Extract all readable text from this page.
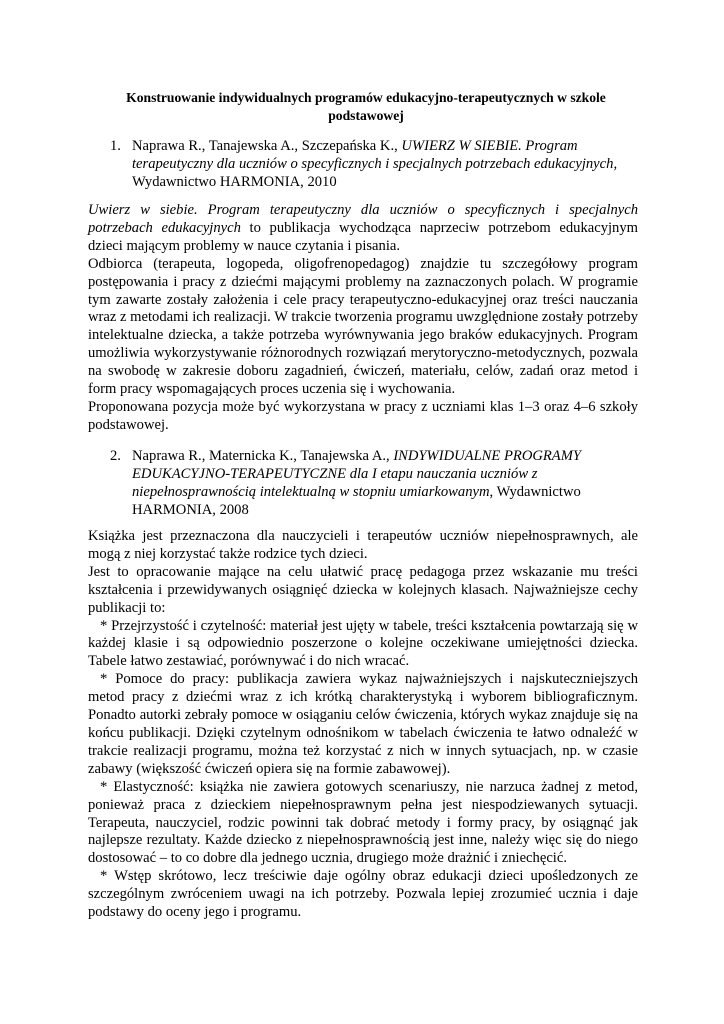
Konstruowanie indywidualnych programów edukacyjno-terapeutycznych w szkole
podstawowej
1. Naprawa R., Tanajewska A., Szczepańska K., UWIERZ W SIEBIE. Program terapeutyczny dla uczniów o specyficznych i specjalnych potrzebach edukacyjnych, Wydawnictwo HARMONIA, 2010

Uwierz w siebie. Program terapeutyczny dla uczniów o specyficznych i specjalnych potrzebach edukacyjnych to publikacja wychodząca naprzeciw potrzebom edukacyjnym dzieci mającym problemy w nauce czytania i pisania.

Odbiorca (terapeuta, logopeda, oligofrenopedagog) znajdzie tu szczegółowy program postępowania i pracy z dziećmi mającymi problemy na zaznaczonych polach. W programie tym zawarte zostały założenia i cele pracy terapeutyczno-edukacyjnej oraz treści nauczania wraz z metodami ich realizacji. W trakcie tworzenia programu uwzględnione zostały potrzeby intelektualne dziecka, a także potrzeba wyrównywania jego braków edukacyjnych. Program umożliwia wykorzystywanie różnorodnych rozwiązań merytoryczno-metodycznych, pozwala na swobodę w zakresie doboru zagadnień, ćwiczeń, materiału, celów, zadań oraz metod i form pracy wspomagających proces uczenia się i wychowania.

Proponowana pozycja może być wykorzystana w pracy z uczniami klas 1–3 oraz 4–6 szkoły podstawowej.

2. Naprawa R., Maternicka K., Tanajewska A., INDYWIDUALNE PROGRAMY EDUKACYJNO-TERAPEUTYCZNE dla I etapu nauczania uczniów z niepełnosprawnością intelektualną w stopniu umiarkowanym, Wydawnictwo HARMONIA, 2008

Książka jest przeznaczona dla nauczycieli i terapeutów uczniów niepełnosprawnych, ale mogą z niej korzystać także rodzice tych dzieci.

Jest to opracowanie mające na celu ułatwić pracę pedagoga przez wskazanie mu treści kształcenia i przewidywanych osiągnięć dziecka w kolejnych klasach. Najważniejsze cechy publikacji to:

* Przejrzystość i czytelność: materiał jest ujęty w tabele, treści kształcenia powtarzają się w każdej klasie i są odpowiednio poszerzone o kolejne oczekiwane umiejętności dziecka. Tabele łatwo zestawiać, porównywać i do nich wracać.

* Pomoce do pracy: publikacja zawiera wykaz najważniejszych i najskuteczniejszych metod pracy z dziećmi wraz z ich krótką charakterystyką i wyborem bibliograficznym. Ponadto autorki zebrały pomoce w osiąganiu celów ćwiczenia, których wykaz znajduje się na końcu publikacji. Dzięki czytelnym odnośnikom w tabelach ćwiczenia te łatwo odnaleźć w trakcie realizacji programu, można też korzystać z nich w innych sytuacjach, np. w czasie zabawy (większość ćwiczeń opiera się na formie zabawowej).

* Elastyczność: książka nie zawiera gotowych scenariuszy, nie narzuca żadnej z metod, ponieważ praca z dzieckiem niepełnosprawnym pełna jest niespodziewanych sytuacji. Terapeuta, nauczyciel, rodzic powinni tak dobrać metody i formy pracy, by osiągnąć jak najlepsze rezultaty. Każde dziecko z niepełnosprawnością jest inne, należy więc się do niego dostosować – to co dobre dla jednego ucznia, drugiego może drażnić i zniechęcić.

* Wstęp skrótowo, lecz treściwie daje ogólny obraz edukacji dzieci upośledzonych ze szczególnym zwróceniem uwagi na ich potrzeby. Pozwala lepiej zrozumieć ucznia i daje podstawy do oceny jego i programu.
